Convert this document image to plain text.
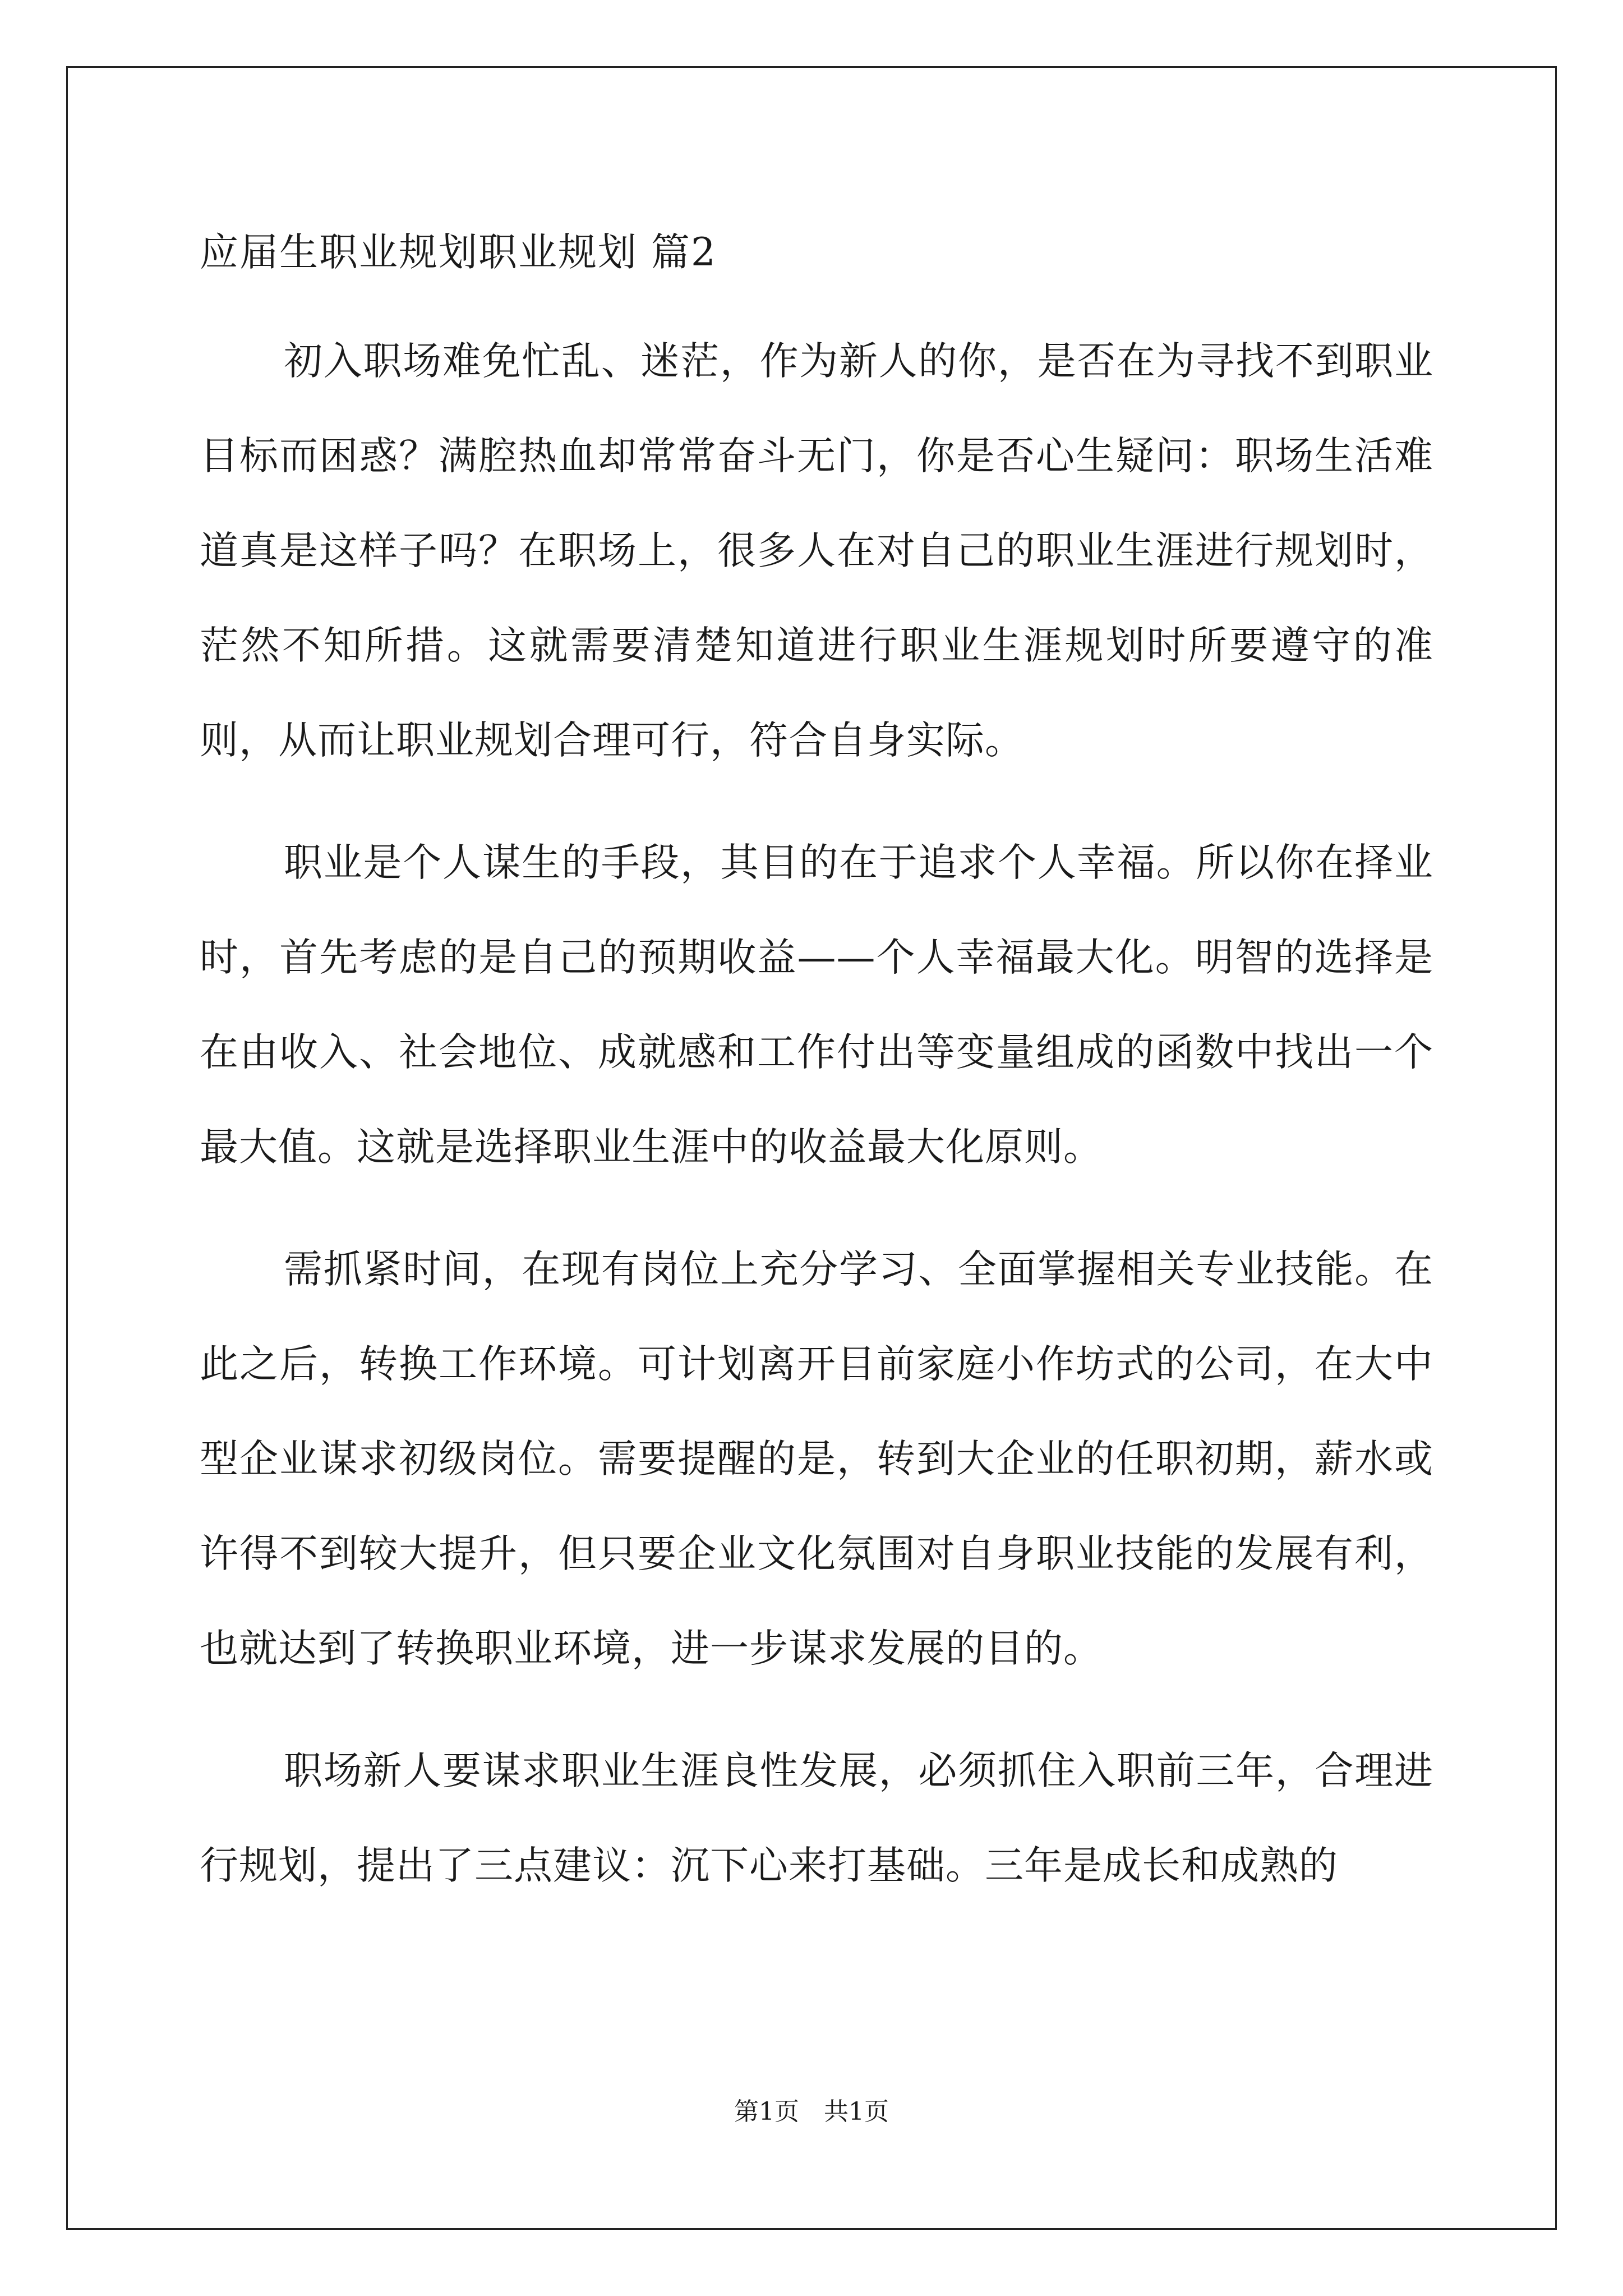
应届生职业规划职业规划 篇2

初入职场难免忙乱、迷茫，作为新人的你，是否在为寻找不到职业目标而困惑？满腔热血却常常奋斗无门，你是否心生疑问：职场生活难道真是这样子吗？在职场上，很多人在对自己的职业生涯进行规划时，茫然不知所措。这就需要清楚知道进行职业生涯规划时所要遵守的准则，从而让职业规划合理可行，符合自身实际。

职业是个人谋生的手段，其目的在于追求个人幸福。所以你在择业时，首先考虑的是自己的预期收益——个人幸福最大化。明智的选择是在由收入、社会地位、成就感和工作付出等变量组成的函数中找出一个最大值。这就是选择职业生涯中的收益最大化原则。

需抓紧时间，在现有岗位上充分学习、全面掌握相关专业技能。在此之后，转换工作环境。可计划离开目前家庭小作坊式的公司，在大中型企业谋求初级岗位。需要提醒的是，转到大企业的任职初期，薪水或许得不到较大提升，但只要企业文化氛围对自身职业技能的发展有利，也就达到了转换职业环境，进一步谋求发展的目的。

职场新人要谋求职业生涯良性发展，必须抓住入职前三年，合理进行规划，提出了三点建议：沉下心来打基础。三年是成长和成熟的

第1页　共1页
